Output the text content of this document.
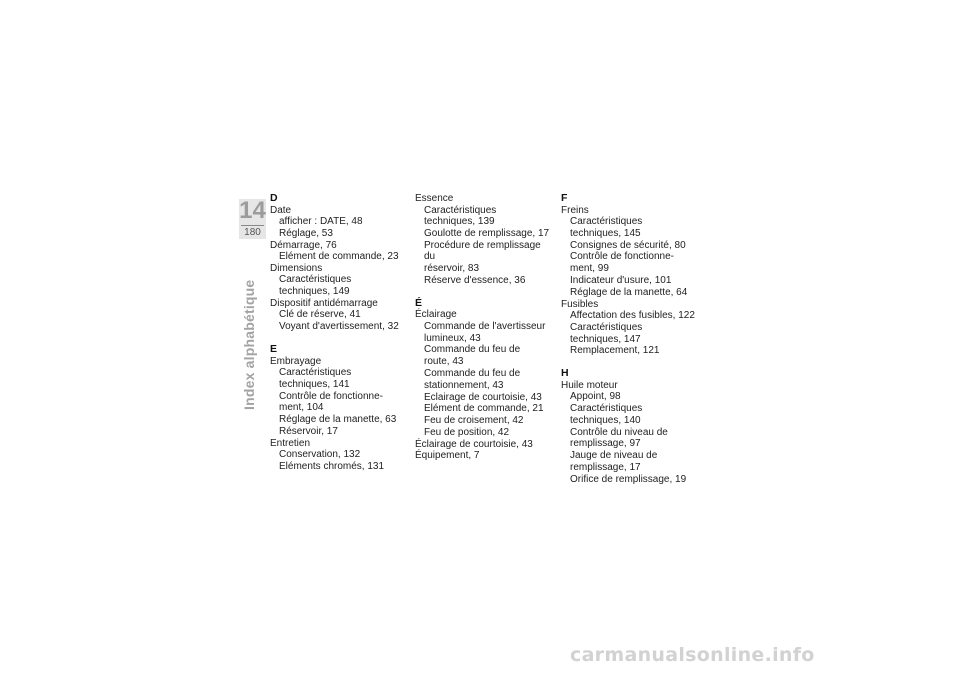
14
180
Index alphabétique
D
Date
afficher : DATE, 48
Réglage, 53
Démarrage, 76
Elément de commande, 23
Dimensions
Caractéristiques
techniques, 149
Dispositif antidémarrage
Clé de réserve, 41
Voyant d'avertissement, 32
E
Embrayage
Caractéristiques
techniques, 141
Contrôle de fonctionne-
ment, 104
Réglage de la manette, 63
Réservoir, 17
Entretien
Conservation, 132
Eléments chromés, 131
Essence
Caractéristiques
techniques, 139
Goulotte de remplissage, 17
Procédure de remplissage du
réservoir, 83
Réserve d'essence, 36
É
Éclairage
Commande de l'avertisseur
lumineux, 43
Commande du feu de
route, 43
Commande du feu de
stationnement, 43
Eclairage de courtoisie, 43
Elément de commande, 21
Feu de croisement, 42
Feu de position, 42
Éclairage de courtoisie, 43
Équipement, 7
F
Freins
Caractéristiques
techniques, 145
Consignes de sécurité, 80
Contrôle de fonctionne-
ment, 99
Indicateur d'usure, 101
Réglage de la manette, 64
Fusibles
Affectation des fusibles, 122
Caractéristiques
techniques, 147
Remplacement, 121
H
Huile moteur
Appoint, 98
Caractéristiques
techniques, 140
Contrôle du niveau de
remplissage, 97
Jauge de niveau de
remplissage, 17
Orifice de remplissage, 19
carmanualsonline.info
